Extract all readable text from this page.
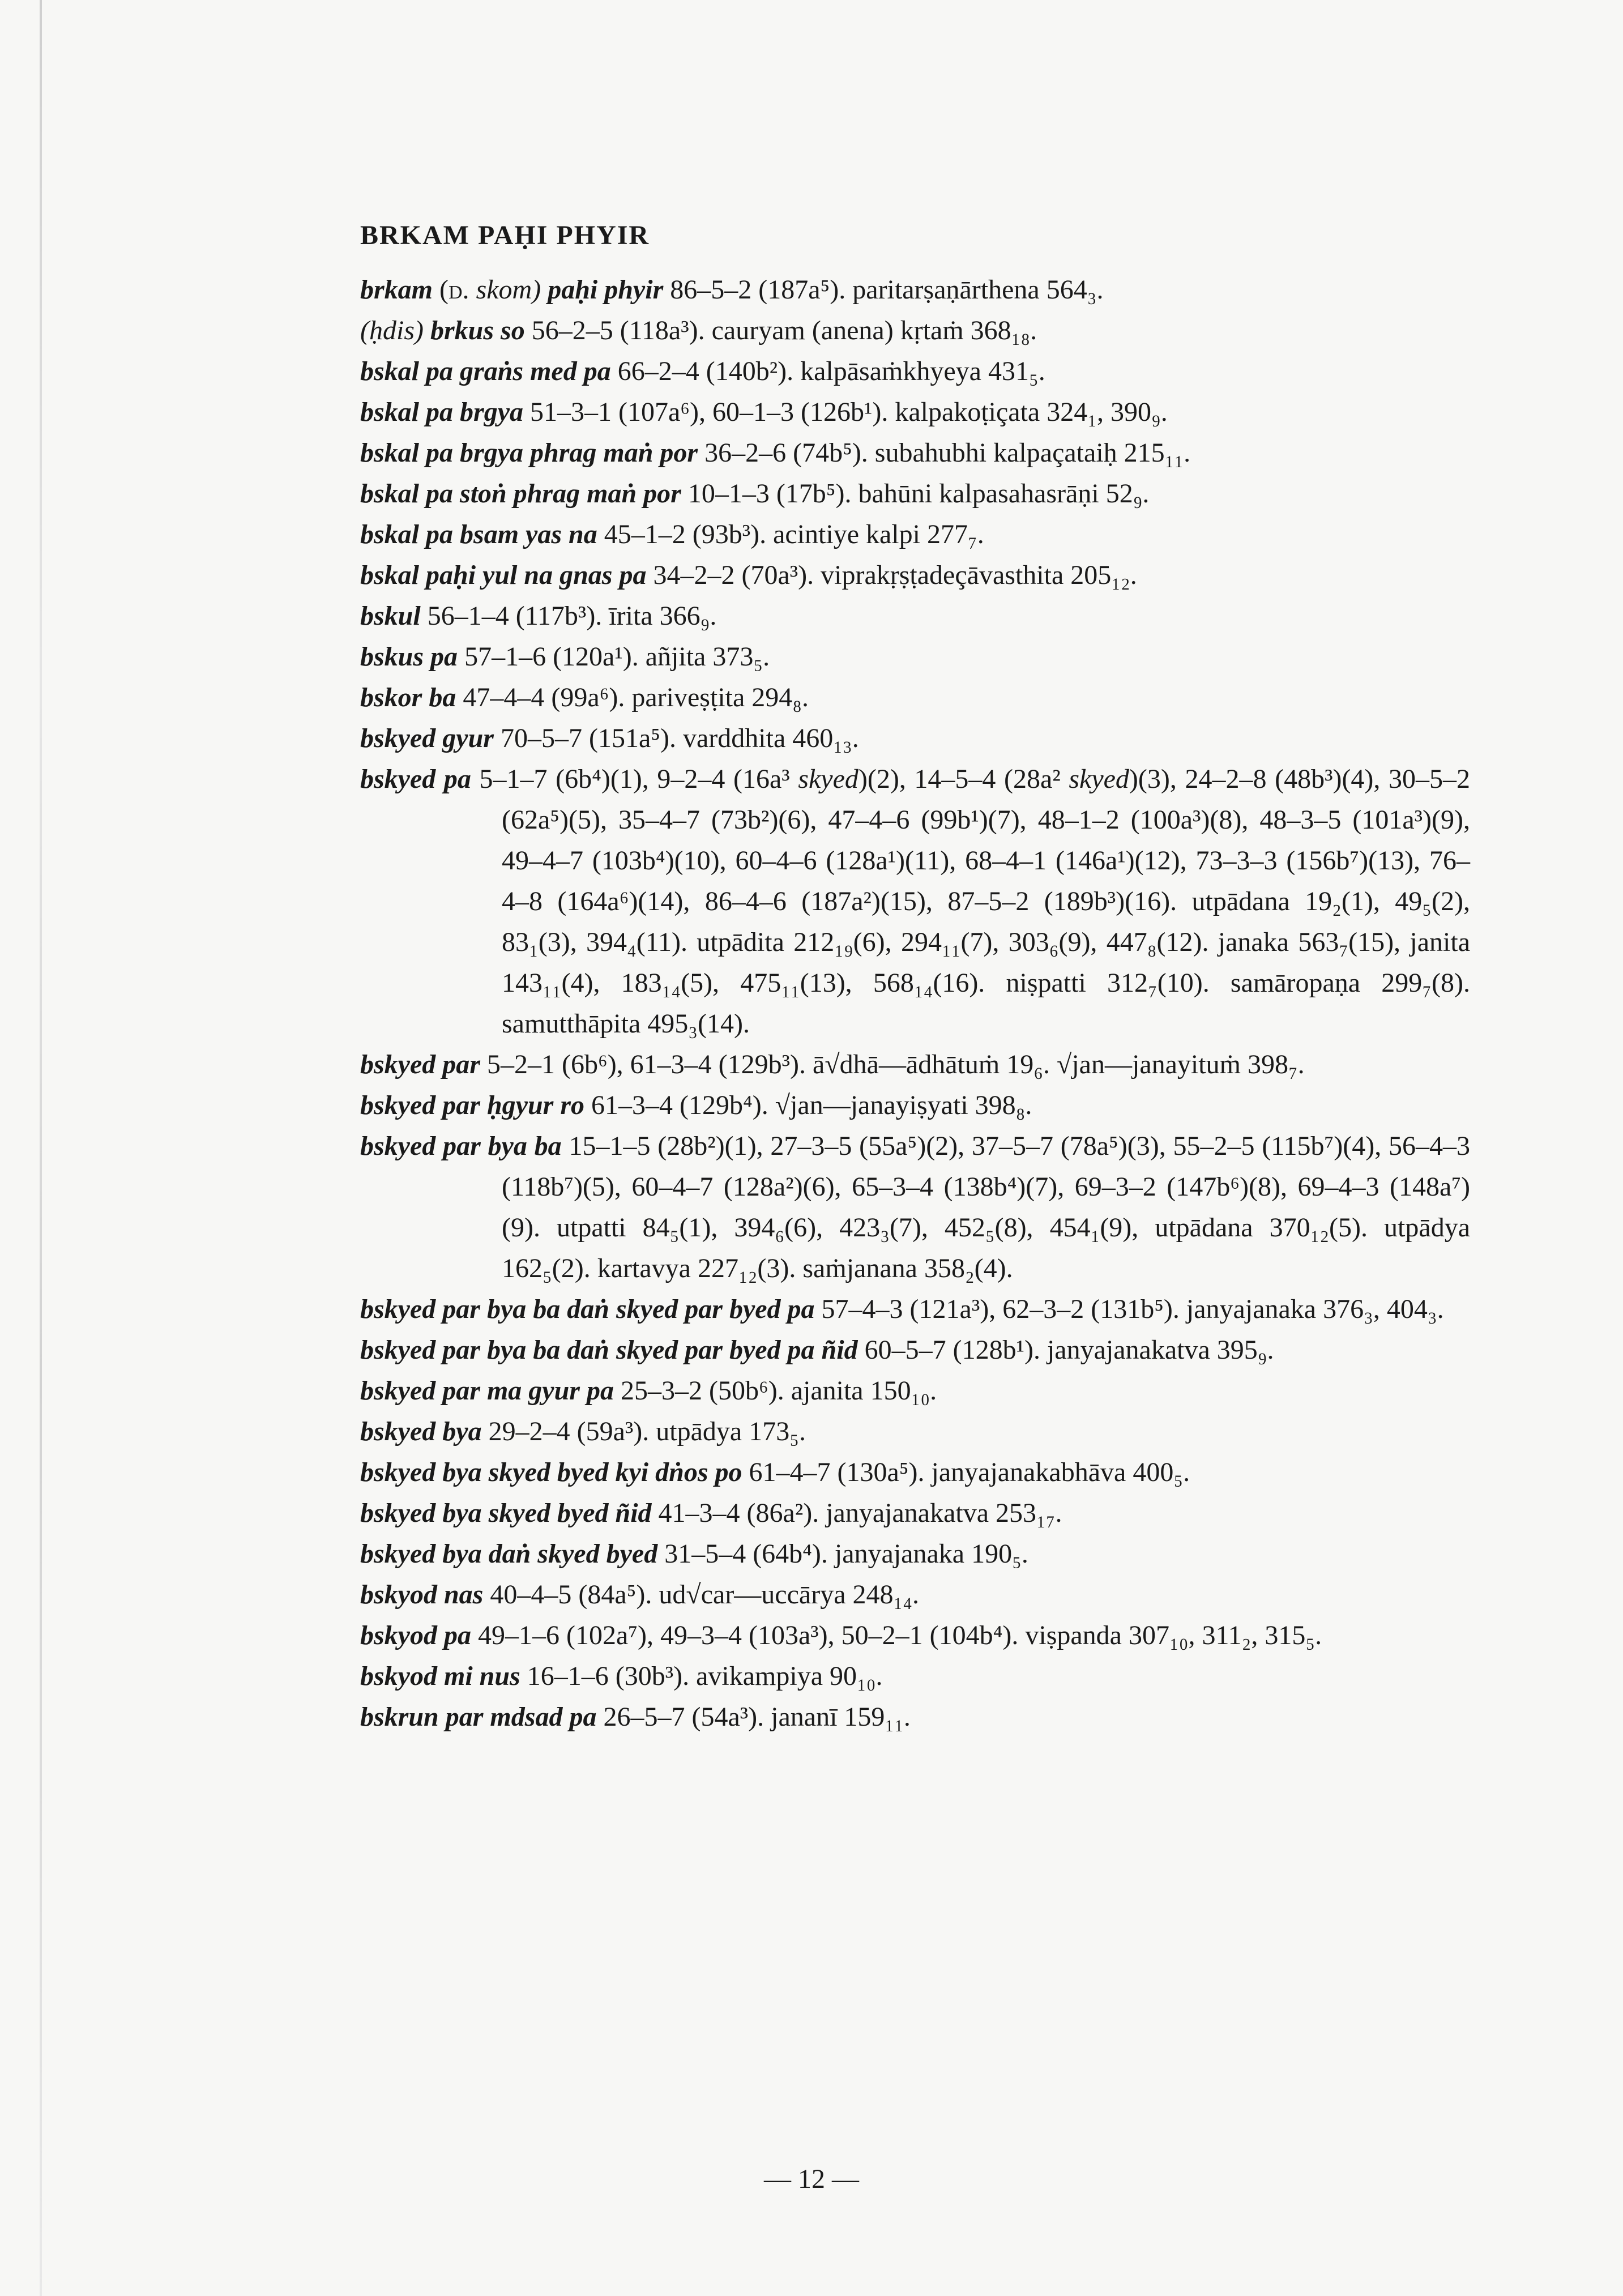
BRKAM PAḤI PHYIR

brkam (d. skom) paḥi phyir 86–5–2 (187a⁵). paritarṣaṇārthena 564₃.

(ḥdis) brkus so 56–2–5 (118a³). cauryam (anena) kṛtaṁ 368₁₈.

bskal pa graṅs med pa 66–2–4 (140b²). kalpāsaṁkhyeya 431₅.

bskal pa brgya 51–3–1 (107a⁶), 60–1–3 (126b¹). kalpakoṭiçata 324₁, 390₉.

bskal pa brgya phrag maṅ por 36–2–6 (74b⁵). subahubhi kalpaçataiḥ 215₁₁.

bskal pa stoṅ phrag maṅ por 10–1–3 (17b⁵). bahūni kalpasahasrāṇi 52₉.

bskal pa bsam yas na 45–1–2 (93b³). acintiye kalpi 277₇.

bskal paḥi yul na gnas pa 34–2–2 (70a³). viprakṛṣṭadeçāvasthita 205₁₂.

bskul 56–1–4 (117b³). īrita 366₉.

bskus pa 57–1–6 (120a¹). añjita 373₅.

bskor ba 47–4–4 (99a⁶). pariveṣṭita 294₈.

bskyed gyur 70–5–7 (151a⁵). varddhita 460₁₃.

bskyed pa 5–1–7 (6b⁴)(1), 9–2–4 (16a³ skyed)(2), 14–5–4 (28a² skyed)(3), 24–2–8 (48b³)(4), 30–5–2 (62a⁵)(5), 35–4–7 (73b²)(6), 47–4–6 (99b¹)(7), 48–1–2 (100a³)(8), 48–3–5 (101a³)(9), 49–4–7 (103b⁴)(10), 60–4–6 (128a¹)(11), 68–4–1 (146a¹)(12), 73–3–3 (156b⁷)(13), 76–4–8 (164a⁶)(14), 86–4–6 (187a²)(15), 87–5–2 (189b³)(16). utpādana 19₂(1), 49₅(2), 83₁(3), 394₄(11). utpādita 212₁₉(6), 294₁₁(7), 303₆(9), 447₈(12). janaka 563₇(15), janita 143₁₁(4), 183₁₄(5), 475₁₁(13), 568₁₄(16). niṣpatti 312₇(10). samāropaṇa 299₇(8). samutthāpita 495₃(14).

bskyed par 5–2–1 (6b⁶), 61–3–4 (129b³). ā√dhā—ādhātuṁ 19₆. √jan—janayituṁ 398₇.

bskyed par ḥgyur ro 61–3–4 (129b⁴). √jan—janayiṣyati 398₈.

bskyed par bya ba 15–1–5 (28b²)(1), 27–3–5 (55a⁵)(2), 37–5–7 (78a⁵)(3), 55–2–5 (115b⁷)(4), 56–4–3 (118b⁷)(5), 60–4–7 (128a²)(6), 65–3–4 (138b⁴)(7), 69–3–2 (147b⁶)(8), 69–4–3 (148a⁷)(9). utpatti 84₅(1), 394₆(6), 423₃(7), 452₅(8), 454₁(9), utpādana 370₁₂(5). utpādya 162₅(2). kartavya 227₁₂(3). saṁjanana 358₂(4).

bskyed par bya ba daṅ skyed par byed pa 57–4–3 (121a³), 62–3–2 (131b⁵). janyajanaka 376₃, 404₃.

bskyed par bya ba daṅ skyed par byed pa ñid 60–5–7 (128b¹). janyajanakatva 395₉.

bskyed par ma gyur pa 25–3–2 (50b⁶). ajanita 150₁₀.

bskyed bya 29–2–4 (59a³). utpādya 173₅.

bskyed bya skyed byed kyi dṅos po 61–4–7 (130a⁵). janyajanakabhāva 400₅.

bskyed bya skyed byed ñid 41–3–4 (86a²). janyajanakatva 253₁₇.

bskyed bya daṅ skyed byed 31–5–4 (64b⁴). janyajanaka 190₅.

bskyod nas 40–4–5 (84a⁵). ud√car—uccārya 248₁₄.

bskyod pa 49–1–6 (102a⁷), 49–3–4 (103a³), 50–2–1 (104b⁴). viṣpanda 307₁₀, 311₂, 315₅.

bskyod mi nus 16–1–6 (30b³). avikampiya 90₁₀.

bskrun par mdsad pa 26–5–7 (54a³). jananī 159₁₁.

— 12 —
